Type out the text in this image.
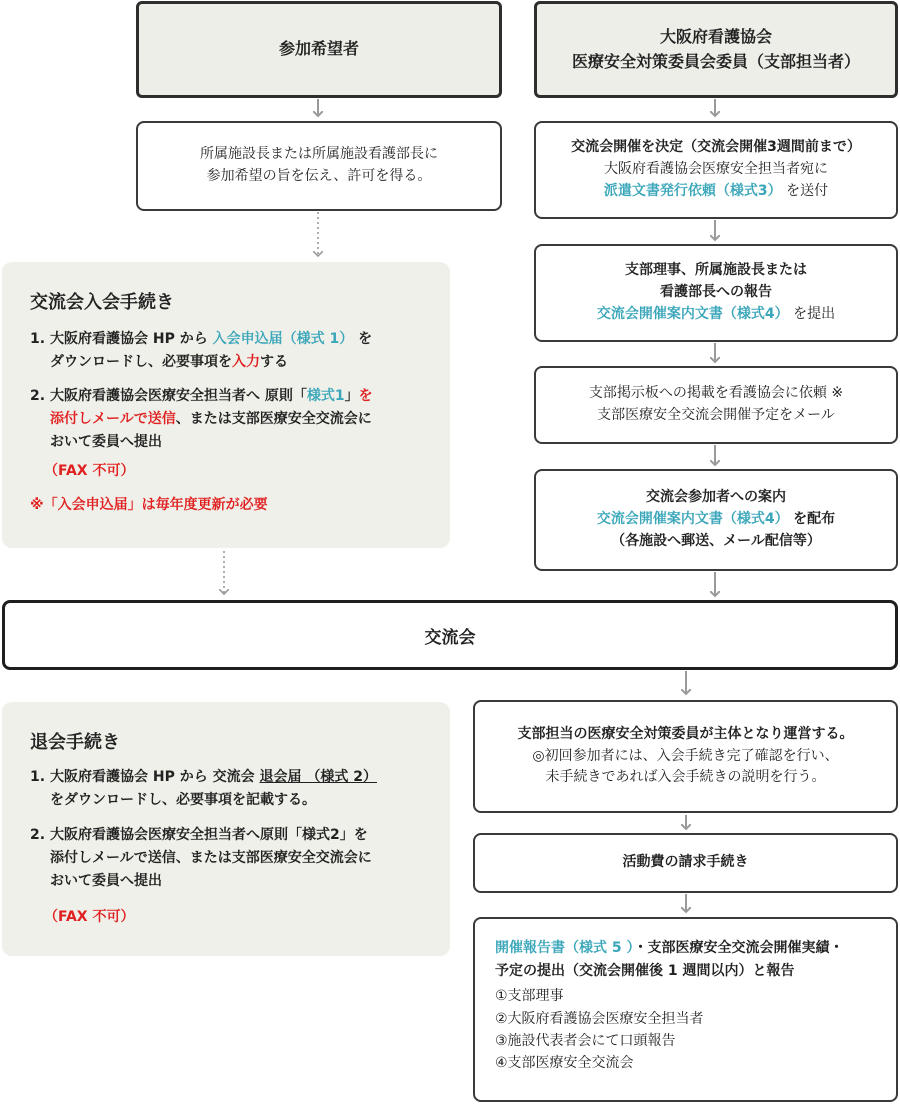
参加希望者
大阪府看護協会
医療安全対策委員会委員（支部担当者）
所属施設長または所属施設看護部長に
参加希望の旨を伝え、許可を得る。
交流会開催を決定（交流会開催3週間前まで）
大阪府看護協会医療安全担当者宛に
派遣文書発行依頼（様式3） を送付
支部理事、所属施設長または
看護部長への報告
交流会開催案内文書（様式4） を提出
支部掲示板への掲載を看護協会に依頼 ※
支部医療安全交流会開催予定をメール
交流会参加者への案内
交流会開催案内文書（様式4） を配布
（各施設へ郵送、メール配信等）
交流会入会手続き
1. 大阪府看護協会 HP から 入会申込届（様式 1） を
ダウンロードし、必要事項を入力する
2. 大阪府看護協会医療安全担当者へ 原則「様式1」を
添付しメールで送信、または支部医療安全交流会に
おいて委員へ提出
（FAX 不可）
※「入会申込届」は毎年度更新が必要
交流会
退会手続き
1. 大阪府看護協会 HP から 交流会 退会届 （様式 2）
をダウンロードし、必要事項を記載する。
2. 大阪府看護協会医療安全担当者へ原則「様式2」を
添付しメールで送信、または支部医療安全交流会に
おいて委員へ提出
（FAX 不可）
支部担当の医療安全対策委員が主体となり運営する。
◎初回参加者には、入会手続き完了確認を行い、
未手続きであれば入会手続きの説明を行う。
活動費の請求手続き
開催報告書（様式 5 ）・支部医療安全交流会開催実績・
予定の提出（交流会開催後 1 週間以内）と報告
①支部理事
②大阪府看護協会医療安全担当者
③施設代表者会にて口頭報告
④支部医療安全交流会
